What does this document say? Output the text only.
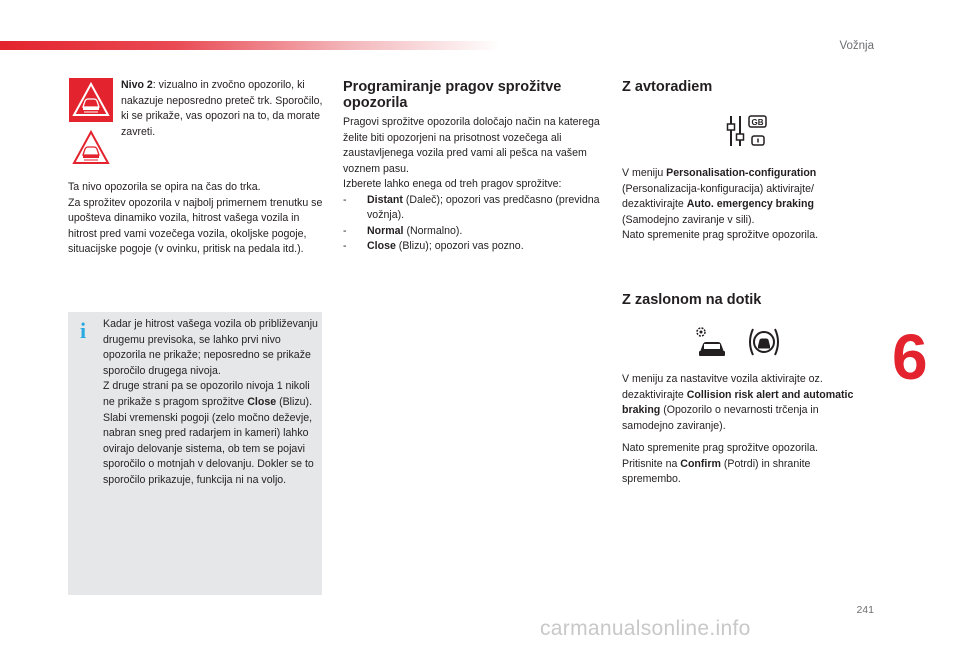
Vožnja

Nivo 2: vizualno in zvočno opozorilo, ki nakazuje neposredno preteč trk. Sporočilo, ki se prikaže, vas opozori na to, da morate zavreti.

Ta nivo opozorila se opira na čas do trka.

Za sprožitev opozorila v najbolj primernem trenutku se upošteva dinamiko vozila, hitrost vašega vozila in hitrost pred vami vozečega vozila, okoljske pogoje, situacijske pogoje (v ovinku, pritisk na pedala itd.).

i Kadar je hitrost vašega vozila ob približevanju drugemu previsoka, se lahko prvi nivo opozorila ne prikaže; neposredno se prikaže sporočilo drugega nivoja.

Z druge strani pa se opozorilo nivoja 1 nikoli ne prikaže s pragom sprožitve Close (Blizu).

Slabi vremenski pogoji (zelo močno deževje, nabran sneg pred radarjem in kameri) lahko ovirajo delovanje sistema, ob tem se pojavi sporočilo o motnjah v delovanju. Dokler se to sporočilo prikazuje, funkcija ni na voljo.

Programiranje pragov sprožitve opozorila

Pragovi sprožitve opozorila določajo način na katerega želite biti opozorjeni na prisotnost vozečega ali zaustavljenega vozila pred vami ali pešca na vašem voznem pasu.

Izberete lahko enega od treh pragov sprožitve:

-	Distant (Daleč); opozori vas predčasno (previdna vožnja).
-	Normal (Normalno).
-	Close (Blizu); opozori vas pozno.

Z avtoradiem

GB

V meniju Personalisation-configuration (Personalizacija-konfiguracija) aktivirajte/ dezaktivirajte Auto. emergency braking (Samodejno zaviranje v sili).

Nato spremenite prag sprožitve opozorila.

Z zaslonom na dotik

V meniju za nastavitve vozila aktivirajte oz. dezaktivirajte Collision risk alert and automatic braking (Opozorilo o nevarnosti trčenja in samodejno zaviranje).

Nato spremenite prag sprožitve opozorila.

Pritisnite na Confirm (Potrdi) in shranite spremembo.

6
241
carmanualsonline.info
